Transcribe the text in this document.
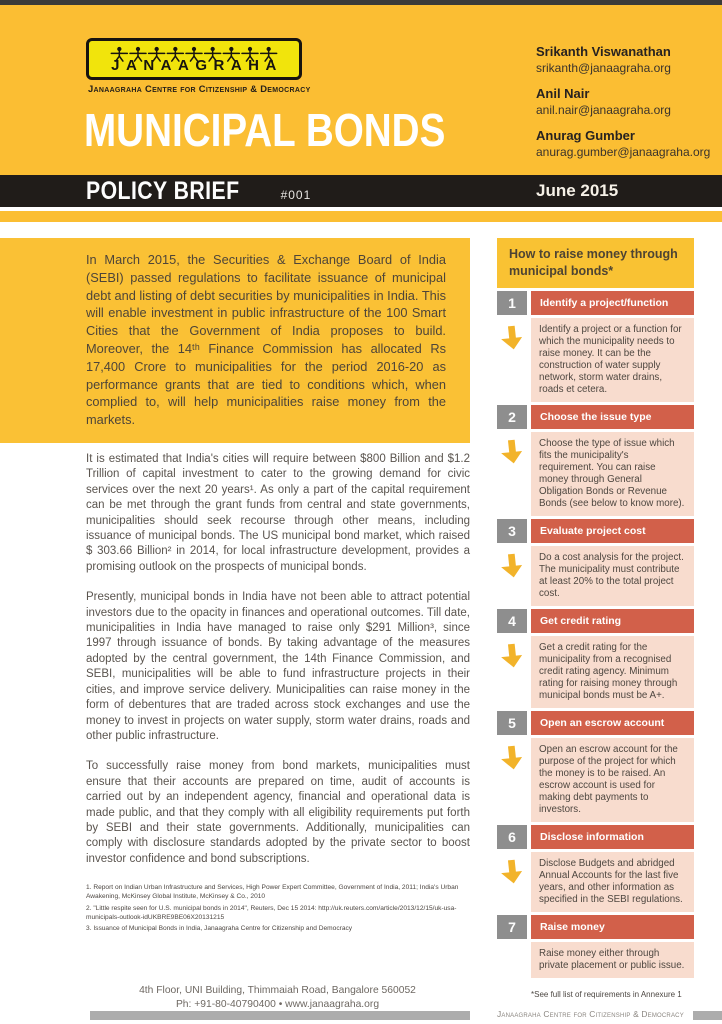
JANAAGRAHA
Janaagraha Centre for Citizenship & Democracy
MUNICIPAL BONDS
Srikanth Viswanathan
srikanth@janaagraha.org
Anil Nair
anil.nair@janaagraha.org
Anurag Gumber
anurag.gumber@janaagraha.org
POLICY BRIEF	#001	June 2015

In March 2015, the Securities & Exchange Board of India (SEBI) passed regulations to facilitate issuance of municipal debt and listing of debt securities by municipalities in India. This will enable investment in public infrastructure of the 100 Smart Cities that the Government of India proposes to build. Moreover, the 14ᵗʰ Finance Commission has allocated Rs 17,400 Crore to municipalities for the period 2016-20 as performance grants that are tied to conditions which, when complied to, will help municipalities raise money from the markets.

It is estimated that India's cities will require between $800 Billion and $1.2 Trillion of capital investment to cater to the growing demand for civic services over the next 20 years¹. As only a part of the capital requirement can be met through the grant funds from central and state governments, municipalities should seek recourse through other means, including issuance of municipal bonds. The US municipal bond market, which raised $ 303.66 Billion² in 2014, for local infrastructure development, provides a promising outlook on the prospects of municipal bonds.

Presently, municipal bonds in India have not been able to attract potential investors due to the opacity in finances and operational outcomes. Till date, municipalities in India have managed to raise only $291 Million³, since 1997 through issuance of bonds. By taking advantage of the measures adopted by the central government, the 14th Finance Commission, and SEBI, municipalities will be able to fund infrastructure projects in their cities, and improve service delivery. Municipalities can raise money in the form of debentures that are traded across stock exchanges and use the money to invest in projects on water supply, storm water drains, roads and other public infrastructure.

To successfully raise money from bond markets, municipalities must ensure that their accounts are prepared on time, audit of accounts is carried out by an independent agency, financial and operational data is made public, and that they comply with all eligibility requirements put forth by SEBI and their state governments. Additionally, municipalities can comply with disclosure standards adopted by the private sector to boost investor confidence and bond subscriptions.

1. Report on Indian Urban Infrastructure and Services, High Power Expert Committee, Government of India, 2011; India's Urban Awakening, McKinsey Global Institute, McKinsey & Co., 2010

2. "Little respite seen for U.S. municipal bonds in 2014", Reuters, Dec 15 2014: http://uk.reuters.com/article/2013/12/15/uk-usa-municipals-outlook-idUKBRE9BE06X20131215

3. Issuance of Municipal Bonds in India, Janaagraha Centre for Citizenship and Democracy

How to raise money through municipal bonds*
1	Identify a project/function
Identify a project or a function for which the municipality needs to raise money. It can be the construction of water supply network, storm water drains, roads et cetera.
2	Choose the issue type
Choose the type of issue which fits the municipality's requirement. You can raise money through General Obligation Bonds or Revenue Bonds (see below to know more).
3	Evaluate project cost
Do a cost analysis for the project. The municipality must contribute at least 20% to the total project cost.
4	Get credit rating
Get a credit rating for the municipality from a recognised credit rating agency. Minimum rating for raising money through municipal bonds must be A+.
5	Open an escrow account
Open an escrow account for the purpose of the project for which the money is to be raised. An escrow account is used for making debt payments to investors.
6	Disclose information
Disclose Budgets and abridged Annual Accounts for the last five years, and other information as specified in the SEBI regulations.
7	Raise money
Raise money either through private placement or public issue.
*See full list of requirements in Annexure 1
4th Floor, UNI Building, Thimmaiah Road, Bangalore 560052
Ph: +91-80-40790400 • www.janaagraha.org
Janaagraha Centre for Citizenship & Democracy
